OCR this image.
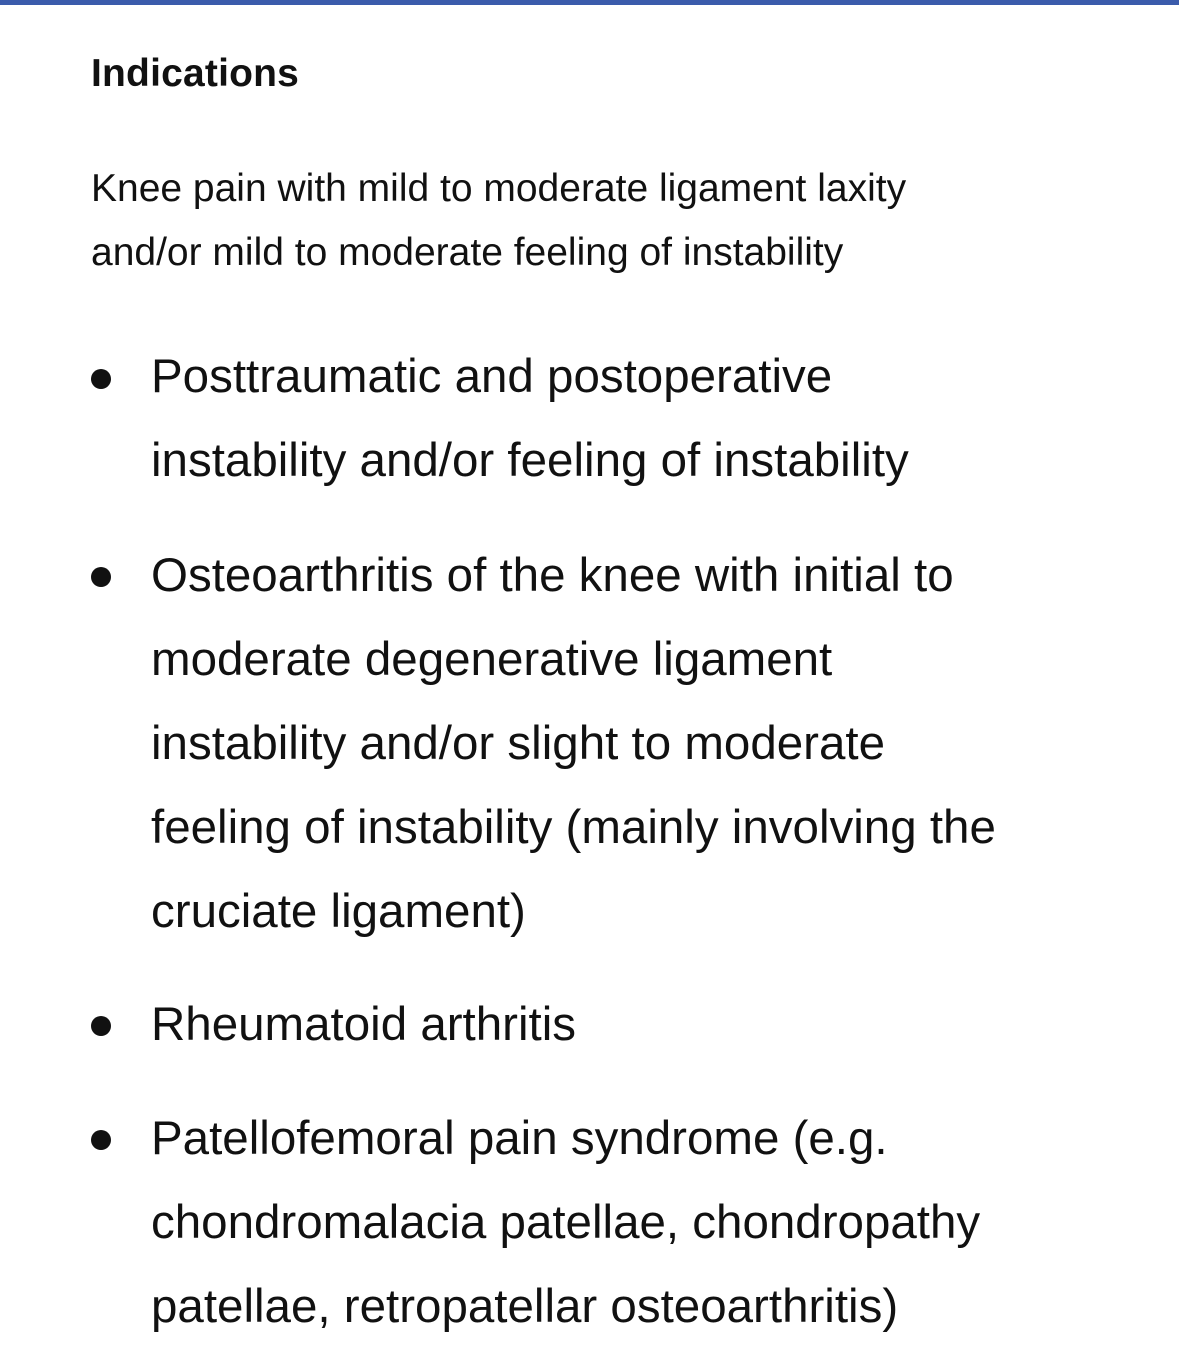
Indications

Knee pain with mild to moderate ligament laxity
and/or mild to moderate feeling of instability

Posttraumatic and postoperative
instability and/or feeling of instability
Osteoarthritis of the knee with initial to
moderate degenerative ligament
instability and/or slight to moderate
feeling of instability (mainly involving the
cruciate ligament)
Rheumatoid arthritis
Patellofemoral pain syndrome (e.g.
chondromalacia patellae, chondropathy
patellae, retropatellar osteoarthritis)
